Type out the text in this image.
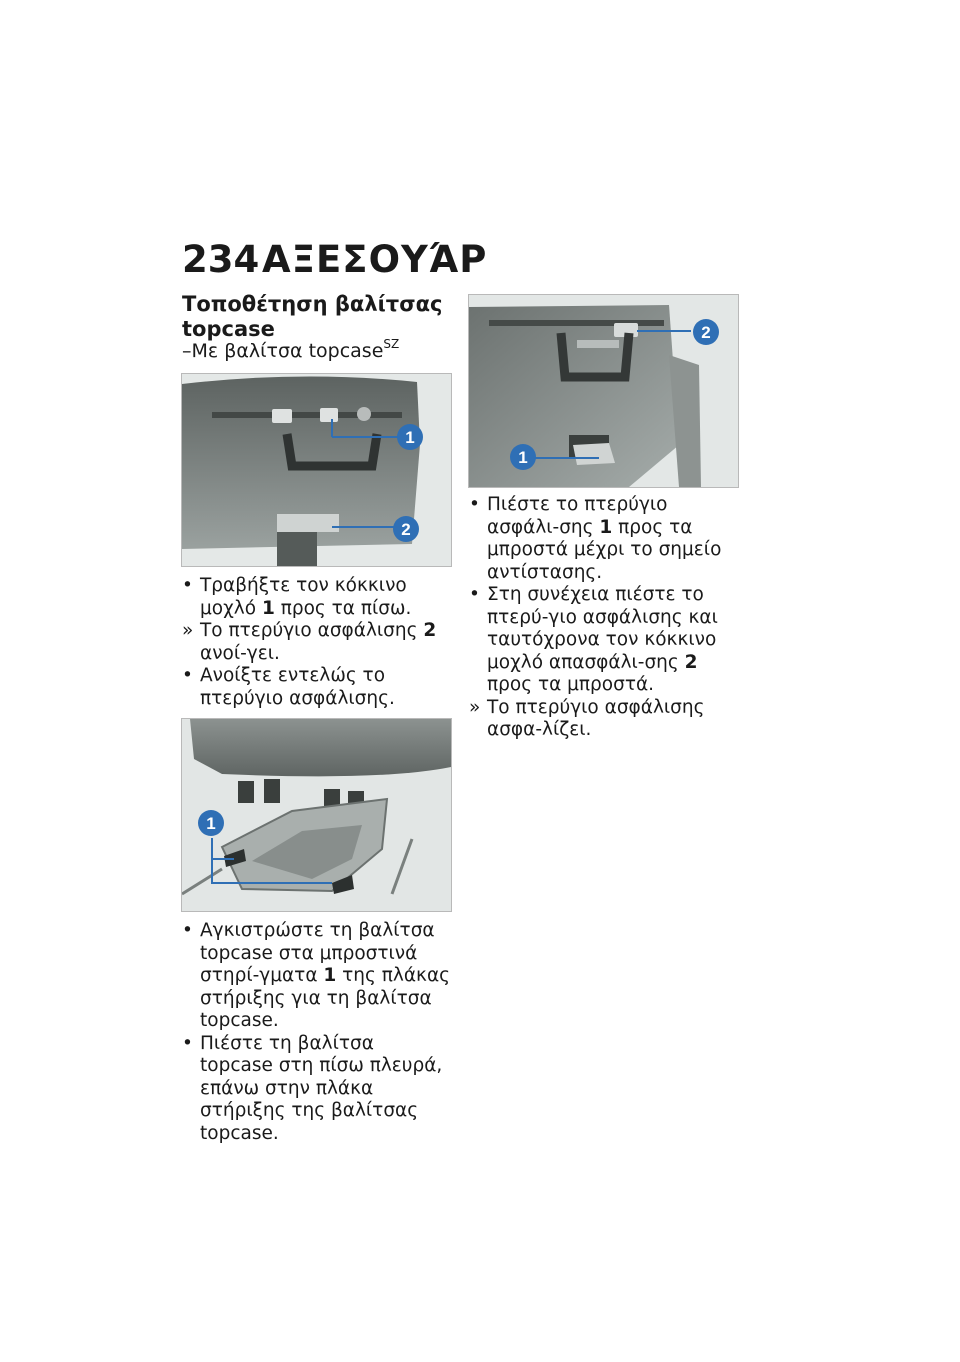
234 ΑΞΕΣΟΥΆΡ
Τοποθέτηση βαλίτσας topcase
–Με βαλίτσα topcase$^{SZ}$
1
2

• Τραβήξτε τον κόκκινο μοχλό 1 προς τα πίσω.

» Το πτερύγιο ασφάλισης 2 ανοί-γει.

• Ανοίξτε εντελώς το πτερύγιο ασφάλισης.

1

• Αγκιστρώστε τη βαλίτσα topcase στα μπροστινά στηρί-γματα 1 της πλάκας στήριξης για τη βαλίτσα topcase.

• Πιέστε τη βαλίτσα topcase στη πίσω πλευρά, επάνω στην πλάκα στήριξης της βαλίτσας topcase.

2
1

• Πιέστε το πτερύγιο ασφάλι-σης 1 προς τα μπροστά μέχρι το σημείο αντίστασης.

• Στη συνέχεια πιέστε το πτερύ-γιο ασφάλισης και ταυτόχρονα τον κόκκινο μοχλό απασφάλι-σης 2 προς τα μπροστά.

» Το πτερύγιο ασφάλισης ασφα-λίζει.
